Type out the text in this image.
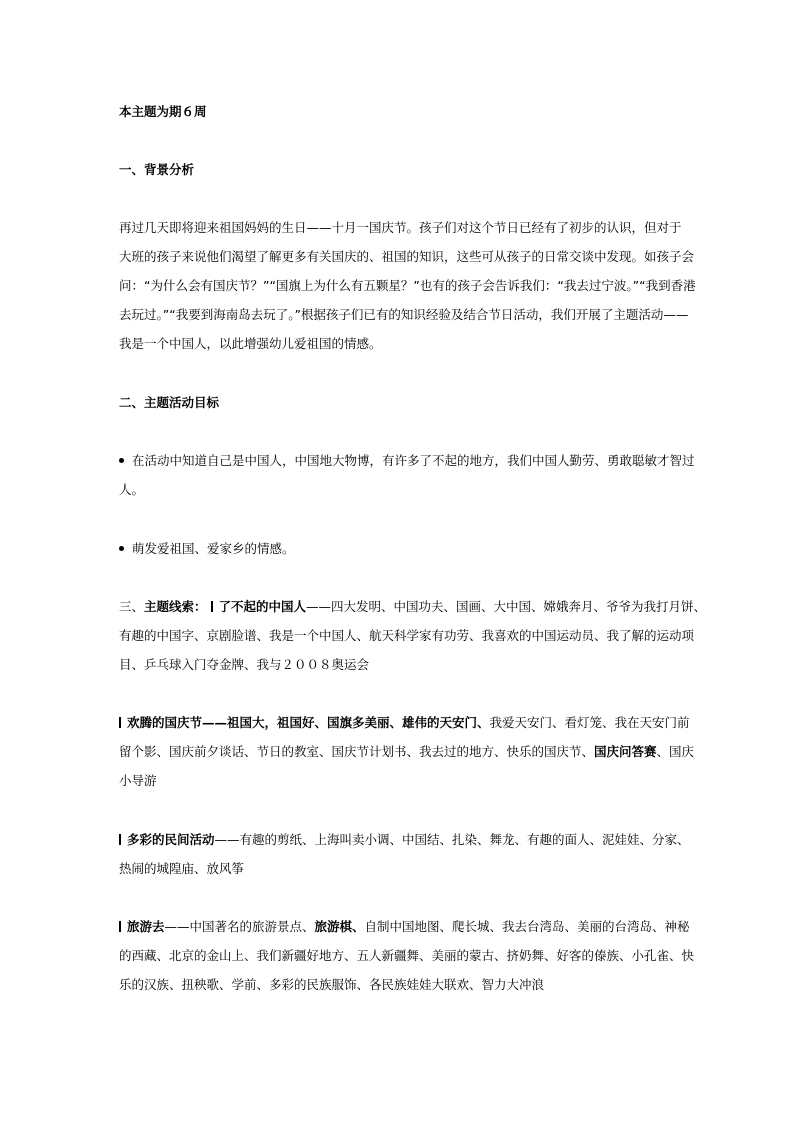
本主题为期６周
一、背景分析
再过几天即将迎来祖国妈妈的生日——十月一国庆节。孩子们对这个节日已经有了初步的认识，但对于
大班的孩子来说他们渴望了解更多有关国庆的、祖国的知识，这些可从孩子的日常交谈中发现。如孩子会
问：“为什么会有国庆节？”“国旗上为什么有五颗星？”也有的孩子会告诉我们：“我去过宁波。”“我到香港
去玩过。”“我要到海南岛去玩了。”根据孩子们已有的知识经验及结合节日活动，我们开展了主题活动——
我是一个中国人，以此增强幼儿爱祖国的情感。
二、主题活动目标
在活动中知道自己是中国人，中国地大物博，有许多了不起的地方，我们中国人勤劳、勇敢聪敏才智过
人。
萌发爱祖国、爱家乡的情感。
三、主题线索： 了不起的中国人——四大发明、中国功夫、国画、大中国、嫦娥奔月、爷爷为我打月饼、
有趣的中国字、京剧脸谱、我是一个中国人、航天科学家有功劳、我喜欢的中国运动员、我了解的运动项
目、乒乓球入门夺金牌、我与２００８奥运会
欢腾的国庆节——祖国大，祖国好、国旗多美丽、雄伟的天安门、我爱天安门、看灯笼、我在天安门前
留个影、国庆前夕谈话、节日的教室、国庆节计划书、我去过的地方、快乐的国庆节、国庆问答赛、国庆
小导游
多彩的民间活动——有趣的剪纸、上海叫卖小调、中国结、扎染、舞龙、有趣的面人、泥娃娃、分家、
热闹的城隍庙、放风筝
旅游去——中国著名的旅游景点、旅游棋、自制中国地图、爬长城、我去台湾岛、美丽的台湾岛、神秘
的西藏、北京的金山上、我们新疆好地方、五人新疆舞、美丽的蒙古、挤奶舞、好客的傣族、小孔雀、快
乐的汉族、扭秧歌、学前、多彩的民族服饰、各民族娃娃大联欢、智力大冲浪
